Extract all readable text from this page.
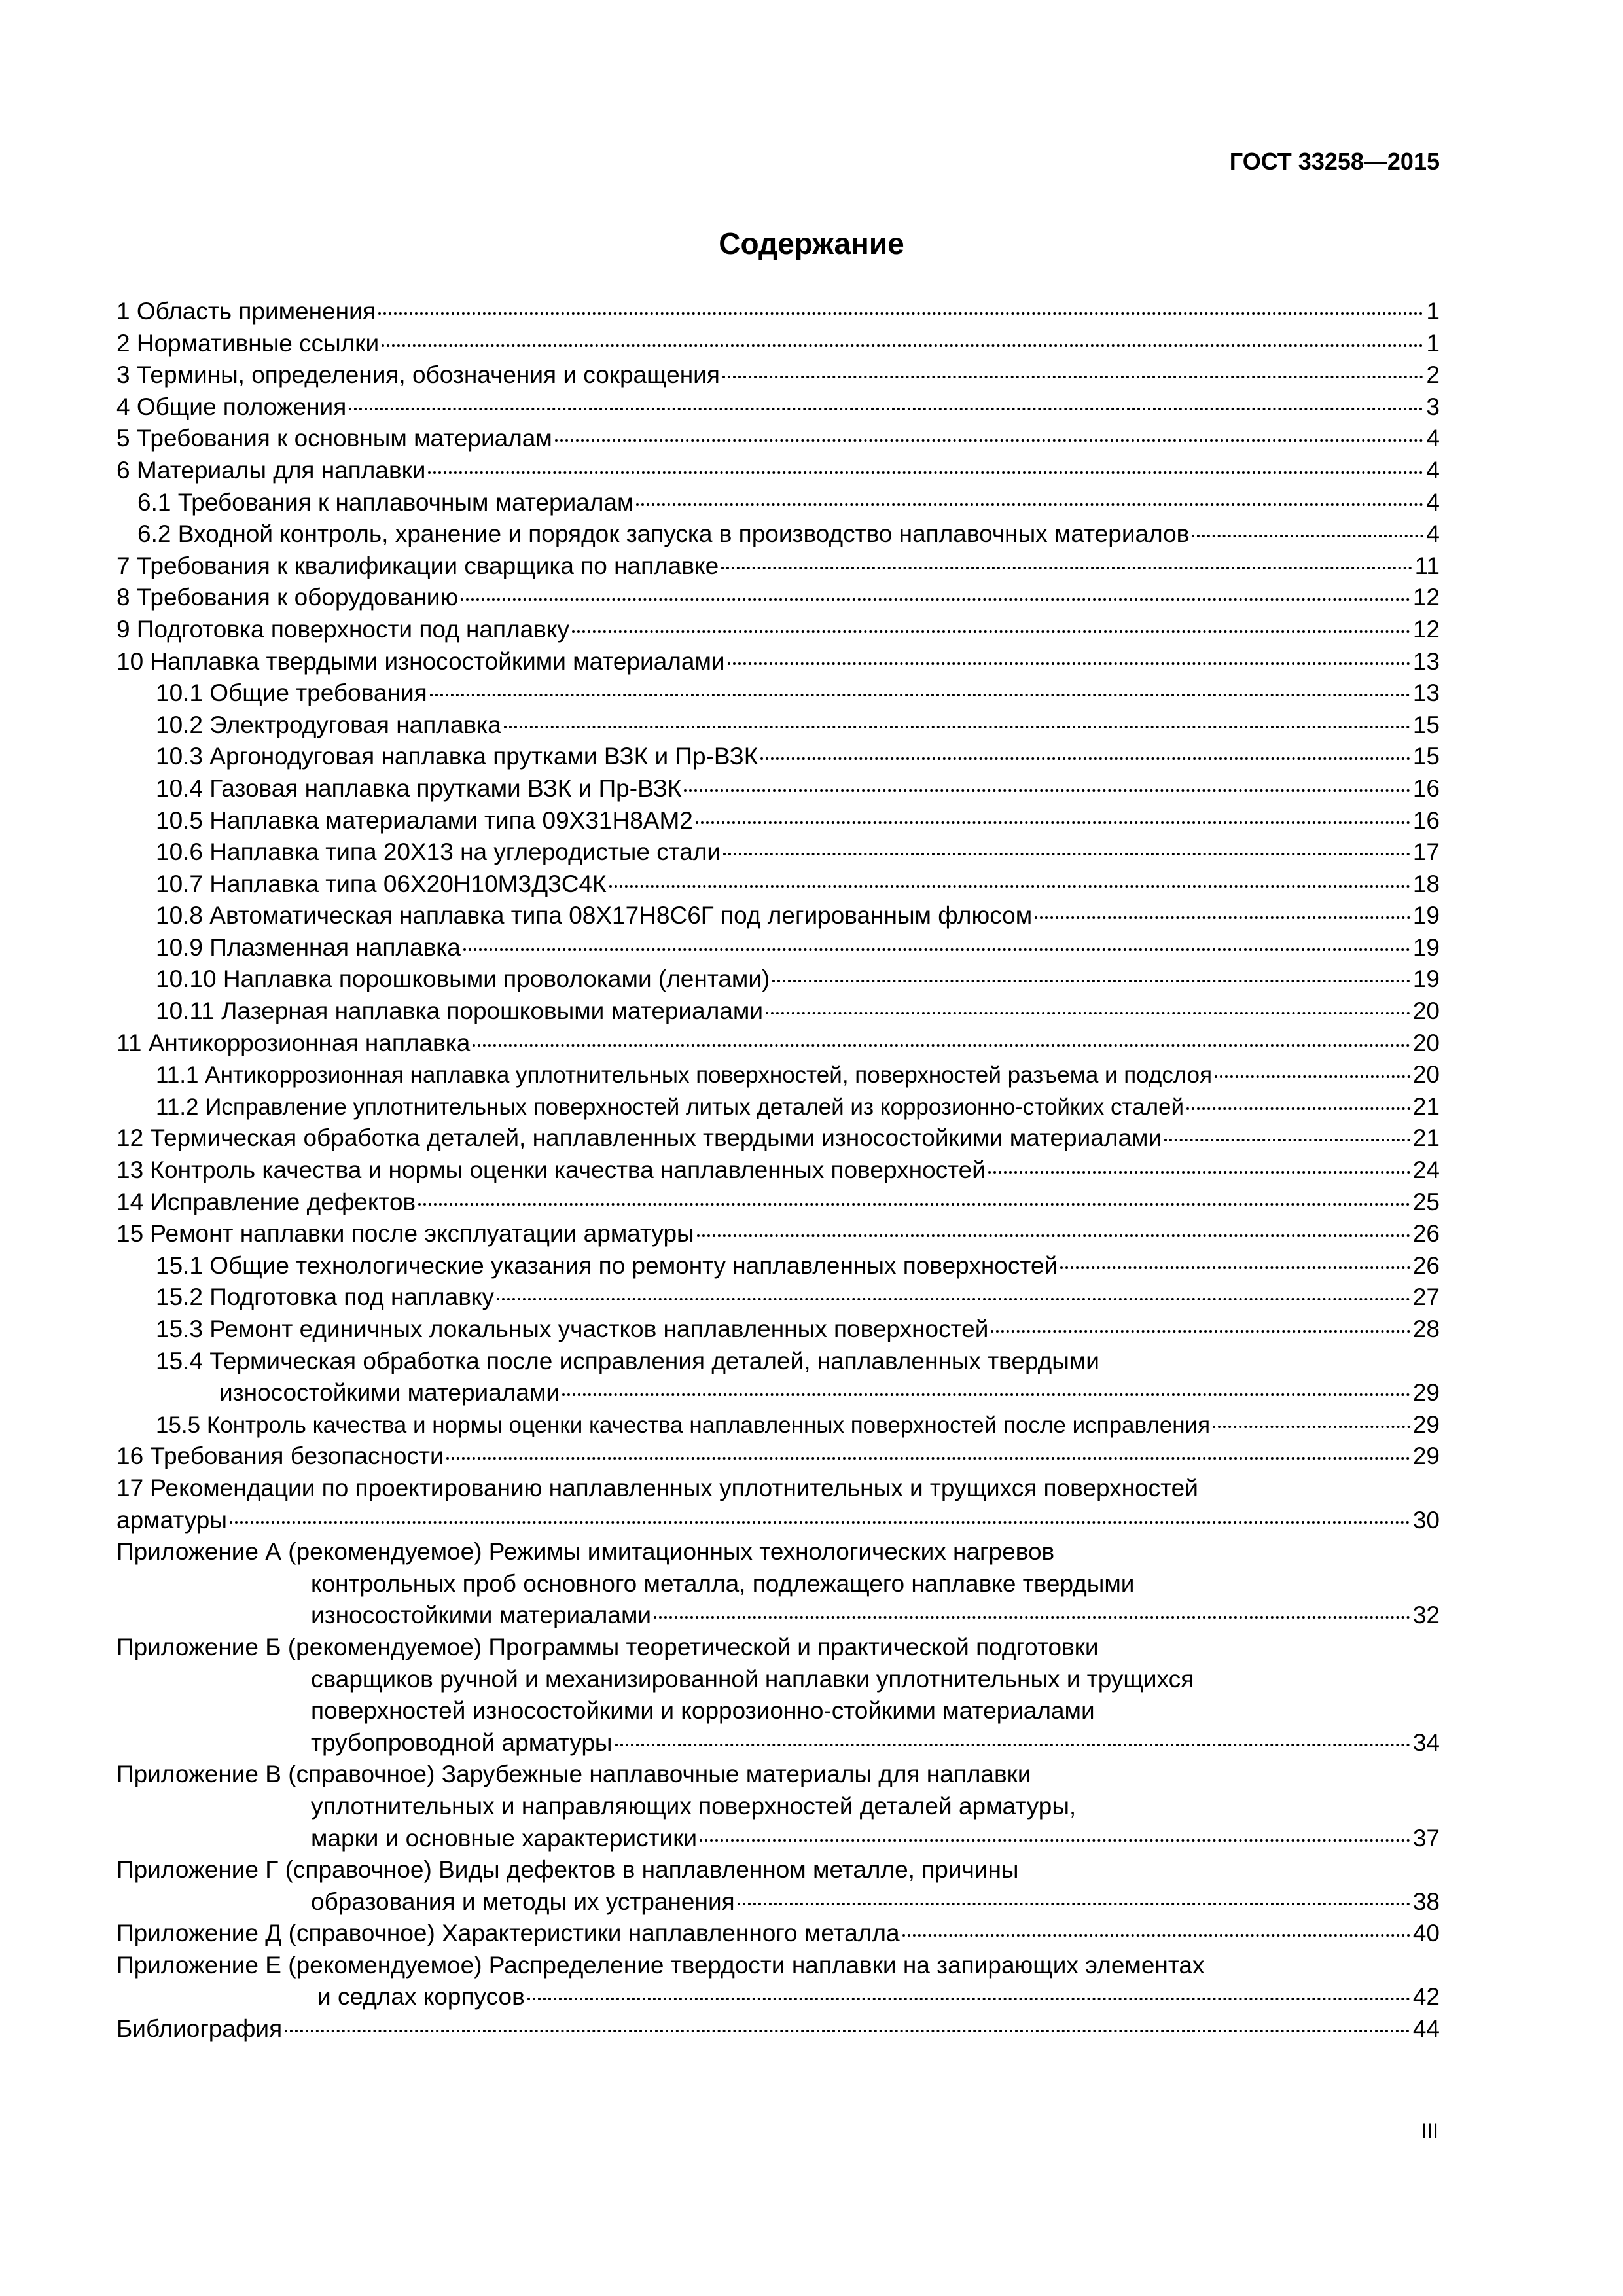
ГОСТ 33258—2015
Содержание
1 Область применения	1
2 Нормативные ссылки	1
3 Термины, определения, обозначения и сокращения	2
4 Общие положения	3
5 Требования к основным материалам	4
6 Материалы для наплавки	4
6.1 Требования к наплавочным материалам	4
6.2 Входной контроль, хранение и порядок запуска в производство наплавочных материалов	4
7 Требования к квалификации сварщика по наплавке	11
8 Требования к оборудованию	12
9 Подготовка поверхности под наплавку	12
10 Наплавка твердыми износостойкими материалами	13
10.1 Общие требования	13
10.2 Электродуговая наплавка	15
10.3 Аргонодуговая наплавка прутками ВЗК и Пр-ВЗК	15
10.4 Газовая наплавка прутками ВЗК и Пр-ВЗК	16
10.5 Наплавка материалами типа 09Х31Н8АМ2	16
10.6 Наплавка типа 20Х13 на углеродистые стали	17
10.7 Наплавка типа 06Х20Н10М3Д3С4К	18
10.8 Автоматическая наплавка типа 08Х17Н8С6Г под легированным флюсом	19
10.9 Плазменная наплавка	19
10.10 Наплавка порошковыми проволоками (лентами)	19
10.11 Лазерная наплавка порошковыми материалами	20
11 Антикоррозионная наплавка	20
11.1 Антикоррозионная наплавка уплотнительных поверхностей, поверхностей разъема и подслоя	20
11.2 Исправление уплотнительных поверхностей литых деталей из коррозионно-стойких сталей	21
12 Термическая обработка деталей, наплавленных твердыми износостойкими материалами	21
13 Контроль качества и нормы оценки качества наплавленных поверхностей	24
14 Исправление дефектов	25
15 Ремонт наплавки после эксплуатации арматуры	26
15.1 Общие технологические указания по ремонту наплавленных поверхностей	26
15.2 Подготовка под наплавку	27
15.3 Ремонт единичных локальных участков наплавленных поверхностей	28
15.4 Термическая обработка после исправления деталей, наплавленных твердыми
износостойкими материалами	29
15.5 Контроль качества и нормы оценки качества наплавленных поверхностей после исправления	29
16 Требования безопасности	29
17 Рекомендации по проектированию наплавленных уплотнительных и трущихся поверхностей
арматуры	30
Приложение А (рекомендуемое) Режимы имитационных технологических нагревов
контрольных проб основного металла, подлежащего наплавке твердыми
износостойкими материалами	32
Приложение Б (рекомендуемое) Программы теоретической и практической подготовки
сварщиков ручной и механизированной наплавки уплотнительных и трущихся
поверхностей износостойкими и коррозионно-стойкими материалами
трубопроводной арматуры	34
Приложение В (справочное) Зарубежные наплавочные материалы для наплавки
уплотнительных и направляющих поверхностей деталей арматуры,
марки и основные характеристики	37
Приложение Г (справочное) Виды дефектов в наплавленном металле, причины
образования и методы их устранения	38
Приложение Д (справочное) Характеристики наплавленного металла	40
Приложение Е (рекомендуемое) Распределение твердости наплавки на запирающих элементах
и седлах корпусов	42
Библиография	44
III
